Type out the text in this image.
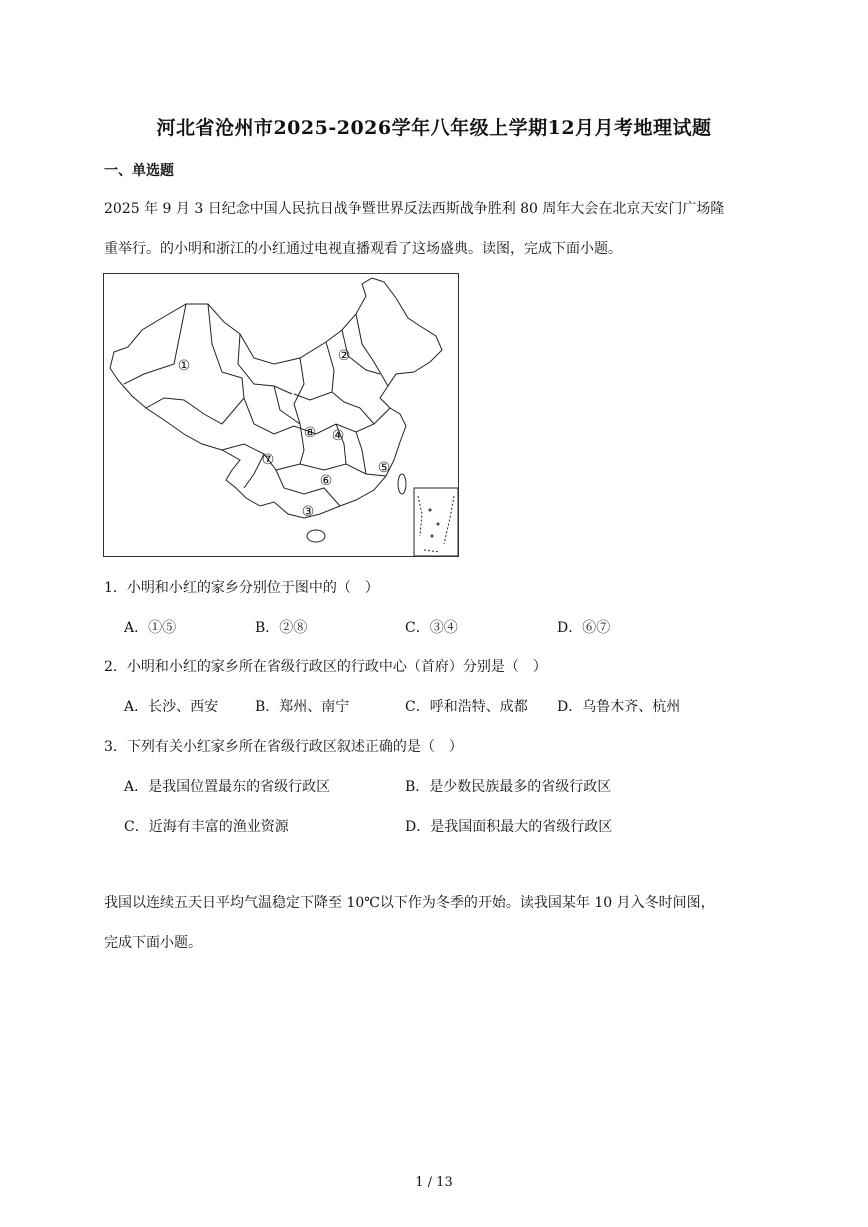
河北省沧州市2025-2026学年八年级上学期12月月考地理试题
一、单选题
2025 年 9 月 3 日纪念中国人民抗日战争暨世界反法西斯战争胜利 80 周年大会在北京天安门广场隆
重举行。的小明和浙江的小红通过电视直播观看了这场盛典。读图，完成下面小题。
①
②
③
④
⑤
⑥
⑦
⑧
1．小明和小红的家乡分别位于图中的（　）
A．①⑤	B．②⑧	C．③④	D．⑥⑦
2．小明和小红的家乡所在省级行政区的行政中心（首府）分别是（　）
A．长沙、西安	B．郑州、南宁	C．呼和浩特、成都 D．乌鲁木齐、杭州
3．下列有关小红家乡所在省级行政区叙述正确的是（　）
A．是我国位置最东的省级行政区	B．是少数民族最多的省级行政区
C．近海有丰富的渔业资源	D．是我国面积最大的省级行政区
我国以连续五天日平均气温稳定下降至 10℃以下作为冬季的开始。读我国某年 10 月入冬时间图，
完成下面小题。
1 / 13
